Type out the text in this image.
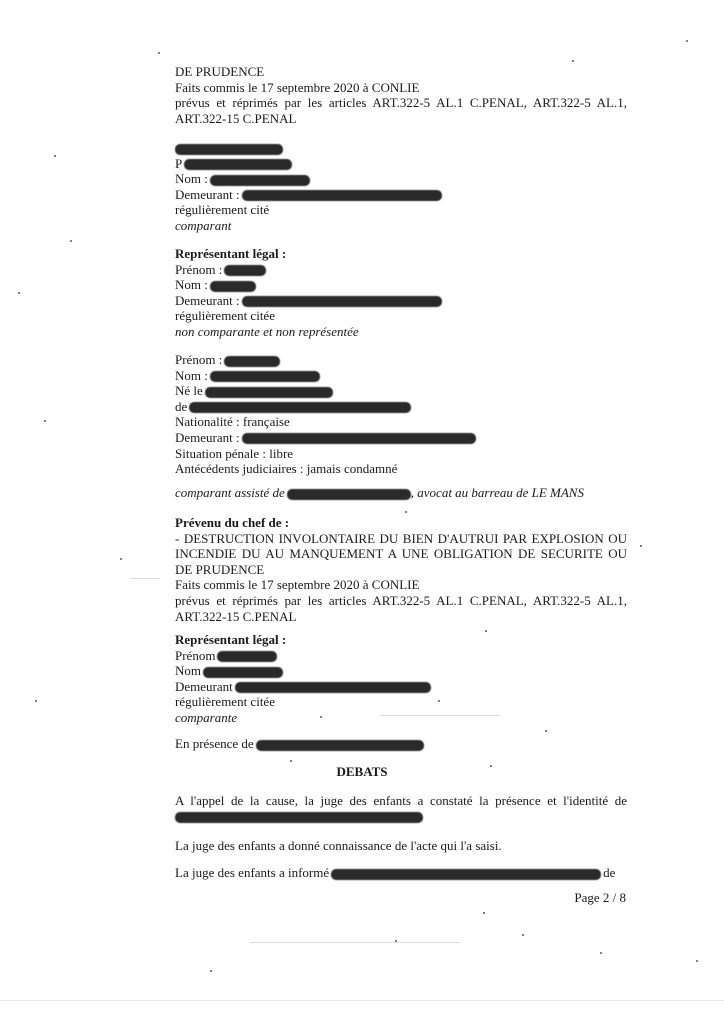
DE PRUDENCE
Faits commis le 17 septembre 2020 à CONLIE
prévus et réprimés par les articles ART.322-5 AL.1 C.PENAL, ART.322-5 AL.1,
ART.322-15 C.PENAL
P
Nom :
Demeurant :
régulièrement cité
comparant
Représentant légal :
Prénom :
Nom :
Demeurant :
régulièrement citée
non comparante et non représentée
Prénom :
Nom :
Né le
de
Nationalité : française
Demeurant :
Situation pénale : libre
Antécédents judiciaires : jamais condamné
comparant assisté de	, avocat au barreau de LE MANS
Prévenu du chef de :
- DESTRUCTION INVOLONTAIRE DU BIEN D'AUTRUI PAR EXPLOSION OU
INCENDIE DU AU MANQUEMENT A UNE OBLIGATION DE SECURITE OU
DE PRUDENCE
Faits commis le 17 septembre 2020 à CONLIE
prévus et réprimés par les articles ART.322-5 AL.1 C.PENAL, ART.322-5 AL.1,
ART.322-15 C.PENAL
Représentant légal :
Prénom
Nom
Demeurant
régulièrement citée
comparante
En présence de
DEBATS
A l'appel de la cause, la juge des enfants a constaté la présence et l'identité de
La juge des enfants a donné connaissance de l'acte qui l'a saisi.
La juge des enfants a informé	de
Page 2 / 8
